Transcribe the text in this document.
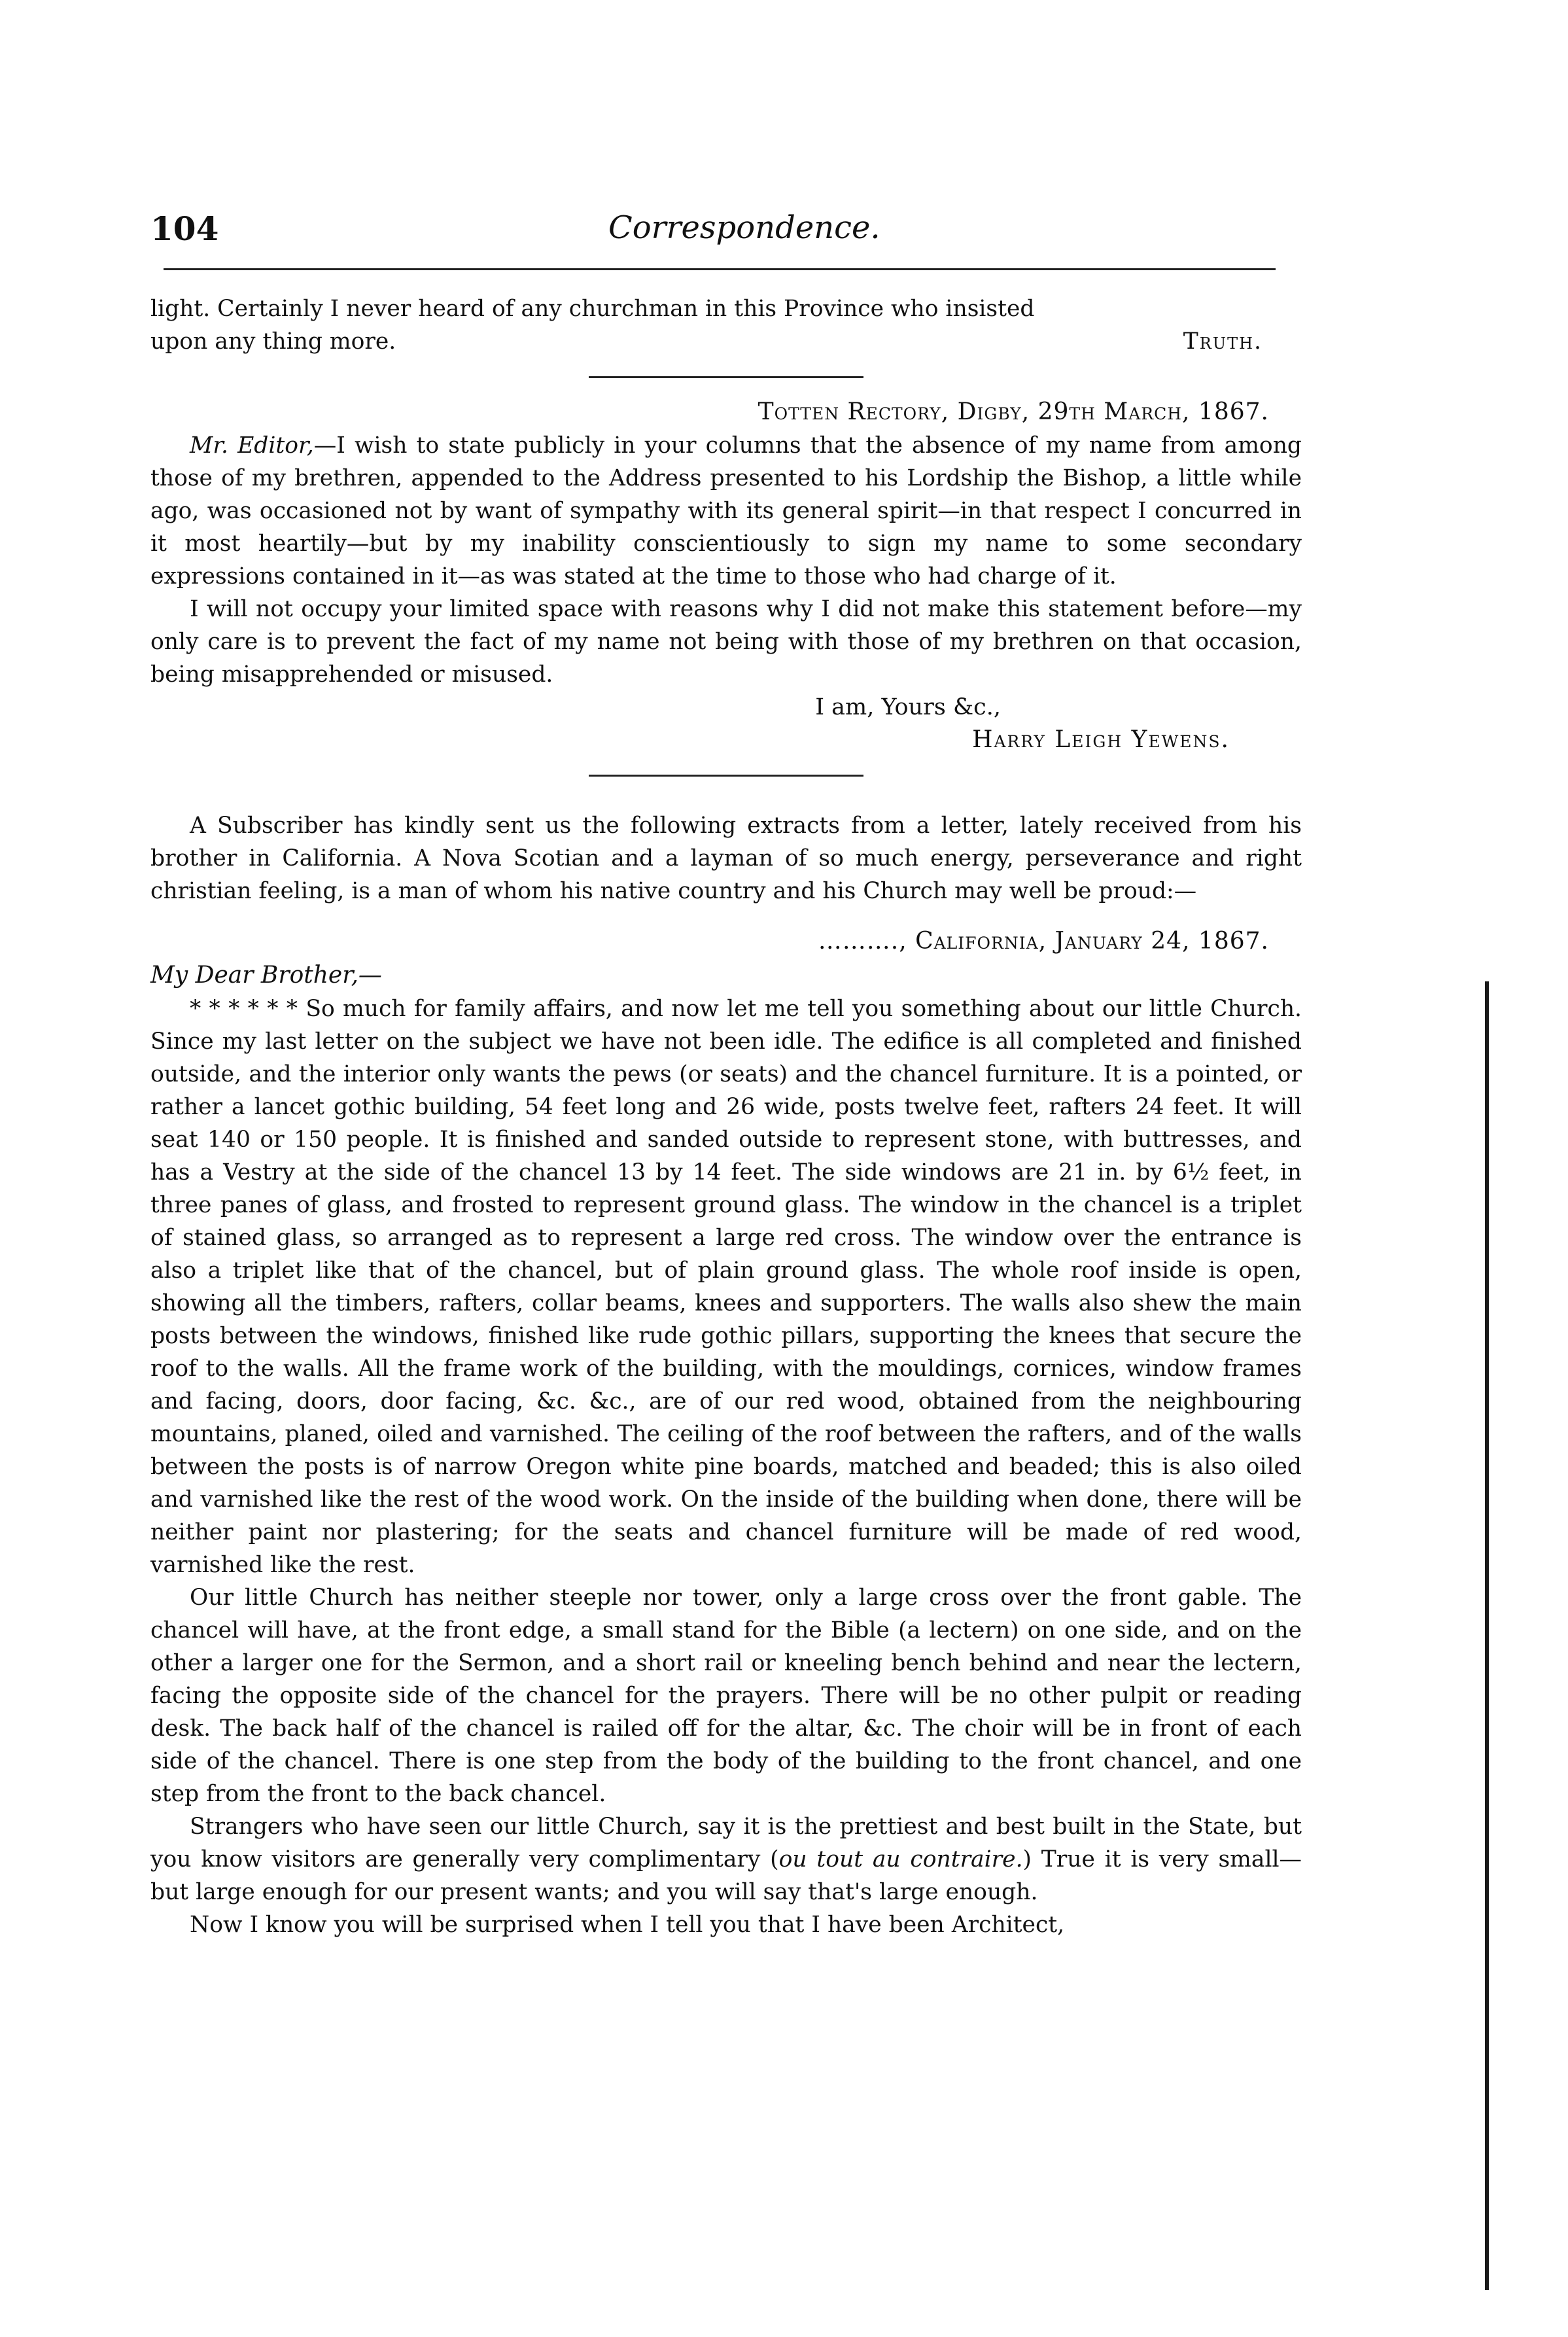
104	Correspondence.

light. Certainly I never heard of any churchman in this Province who insisted

upon any thing more.	Truth.

Totten Rectory, Digby, 29th March, 1867.

Mr. Editor,—I wish to state publicly in your columns that the absence of my name from among those of my brethren, appended to the Address presented to his Lordship the Bishop, a little while ago, was occasioned not by want of sympathy with its general spirit—in that respect I concurred in it most heartily—but by my inability conscientiously to sign my name to some secondary expressions contained in it—as was stated at the time to those who had charge of it.

I will not occupy your limited space with reasons why I did not make this statement before—my only care is to prevent the fact of my name not being with those of my brethren on that occasion, being misapprehended or misused.

I am, Yours &c.,
Harry Leigh Yewens.

A Subscriber has kindly sent us the following extracts from a letter, lately received from his brother in California. A Nova Scotian and a layman of so much energy, perseverance and right christian feeling, is a man of whom his native country and his Church may well be proud:—

………., California, January 24, 1867.
My Dear Brother,—

* * * * * * So much for family affairs, and now let me tell you something about our little Church. Since my last letter on the subject we have not been idle. The edifice is all completed and finished outside, and the interior only wants the pews (or seats) and the chancel furniture. It is a pointed, or rather a lancet gothic building, 54 feet long and 26 wide, posts twelve feet, rafters 24 feet. It will seat 140 or 150 people. It is finished and sanded outside to represent stone, with buttresses, and has a Vestry at the side of the chancel 13 by 14 feet. The side windows are 21 in. by 6½ feet, in three panes of glass, and frosted to represent ground glass. The window in the chancel is a triplet of stained glass, so arranged as to represent a large red cross. The window over the entrance is also a triplet like that of the chancel, but of plain ground glass. The whole roof inside is open, showing all the timbers, rafters, collar beams, knees and supporters. The walls also shew the main posts between the windows, finished like rude gothic pillars, supporting the knees that secure the roof to the walls. All the frame work of the building, with the mouldings, cornices, window frames and facing, doors, door facing, &c. &c., are of our red wood, obtained from the neighbouring mountains, planed, oiled and varnished. The ceiling of the roof between the rafters, and of the walls between the posts is of narrow Oregon white pine boards, matched and beaded; this is also oiled and varnished like the rest of the wood work. On the inside of the building when done, there will be neither paint nor plastering; for the seats and chancel furniture will be made of red wood, varnished like the rest.

Our little Church has neither steeple nor tower, only a large cross over the front gable. The chancel will have, at the front edge, a small stand for the Bible (a lectern) on one side, and on the other a larger one for the Sermon, and a short rail or kneeling bench behind and near the lectern, facing the opposite side of the chancel for the prayers. There will be no other pulpit or reading desk. The back half of the chancel is railed off for the altar, &c. The choir will be in front of each side of the chancel. There is one step from the body of the building to the front chancel, and one step from the front to the back chancel.

Strangers who have seen our little Church, say it is the prettiest and best built in the State, but you know visitors are generally very complimentary (ou tout au contraire.) True it is very small—but large enough for our present wants; and you will say that's large enough.

Now I know you will be surprised when I tell you that I have been Architect,
